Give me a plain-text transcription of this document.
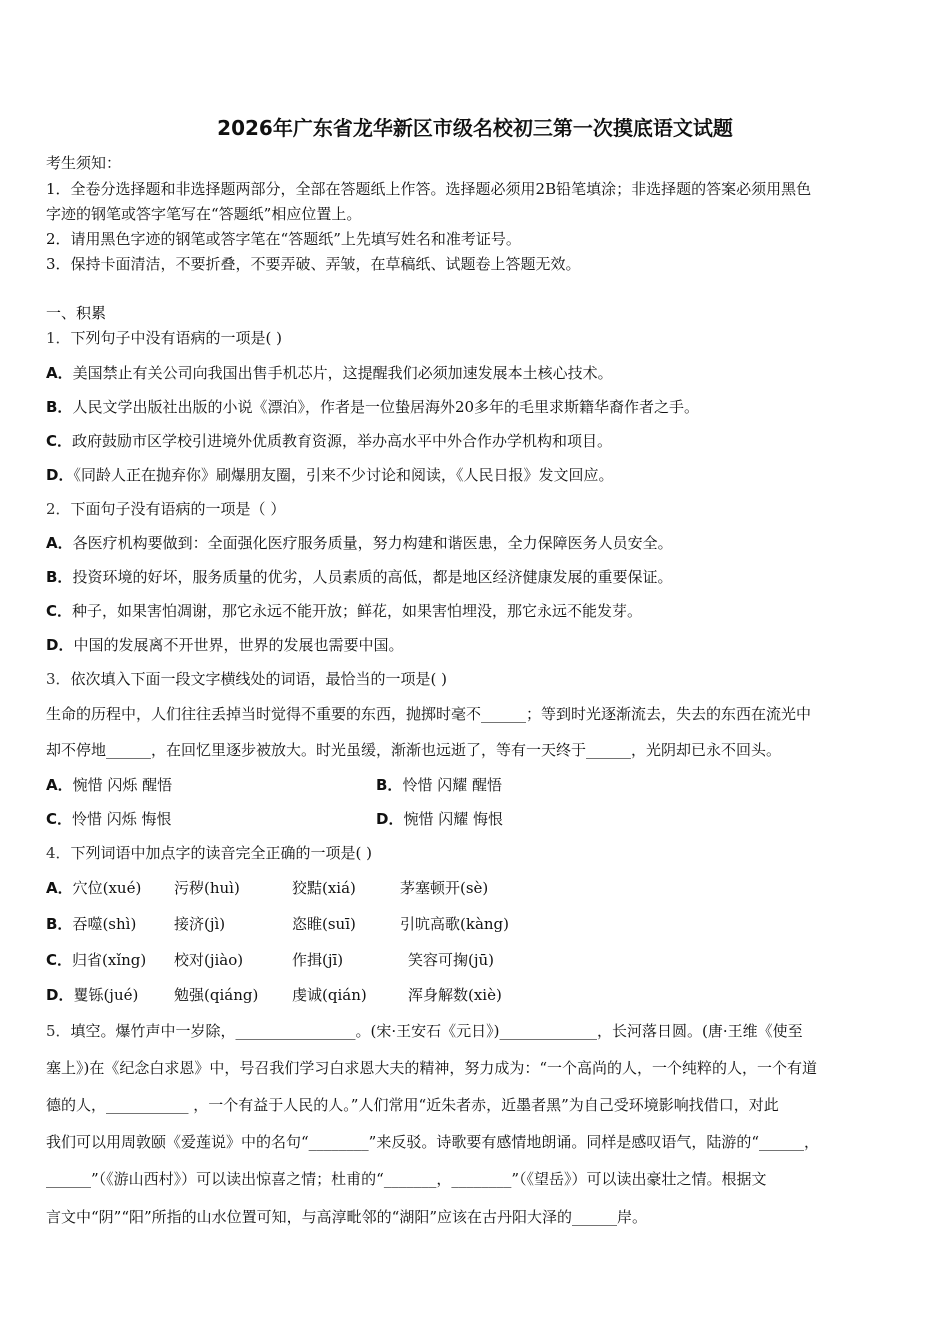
2026年广东省龙华新区市级名校初三第一次摸底语文试题
考生须知：
1．全卷分选择题和非选择题两部分，全部在答题纸上作答。选择题必须用2B铅笔填涂；非选择题的答案必须用黑色
字迹的钢笔或答字笔写在“答题纸”相应位置上。
2．请用黑色字迹的钢笔或答字笔在“答题纸”上先填写姓名和准考证号。
3．保持卡面清洁，不要折叠，不要弄破、弄皱，在草稿纸、试题卷上答题无效。
一、积累
1．下列句子中没有语病的一项是( )
A．美国禁止有关公司向我国出售手机芯片，这提醒我们必须加速发展本土核心技术。
B．人民文学出版社出版的小说《漂泊》，作者是一位蛰居海外20多年的毛里求斯籍华裔作者之手。
C．政府鼓励市区学校引进境外优质教育资源，举办高水平中外合作办学机构和项目。
D．《同龄人正在抛弃你》刷爆朋友圈，引来不少讨论和阅读，《人民日报》发文回应。
2．下面句子没有语病的一项是（ ）
A．各医疗机构要做到：全面强化医疗服务质量，努力构建和谐医患，全力保障医务人员安全。
B．投资环境的好坏，服务质量的优劣，人员素质的高低，都是地区经济健康发展的重要保证。
C．种子，如果害怕凋谢，那它永远不能开放；鲜花，如果害怕埋没，那它永远不能发芽。
D．中国的发展离不开世界，世界的发展也需要中国。
3．依次填入下面一段文字横线处的词语，最恰当的一项是( )
生命的历程中，人们往往丢掉当时觉得不重要的东西，抛掷时毫不______；等到时光逐渐流去，失去的东西在流光中
却不停地______，在回忆里逐步被放大。时光虽缓，渐渐也远逝了，等有一天终于______，光阴却已永不回头。
A．惋惜 闪烁 醒悟	B．怜惜 闪耀 醒悟
C．怜惜 闪烁 悔恨	D．惋惜 闪耀 悔恨
4．下列词语中加点字的读音完全正确的一项是( )
A．穴位(xué) 污秽(huì)	狡黠(xiá)	茅塞顿开(sè)
B．吞噬(shì)	接济(jì)	恣睢(suī)	引吭高歌(kàng)
C．归省(xǐng) 校对(jiào)	作揖(jī)	笑容可掬(jū)
D．矍铄(jué) 勉强(qiáng) 虔诚(qián)	浑身解数(xiè)
5．填空。爆竹声中一岁除，________________。(宋·王安石《元日》)_____________，长河落日圆。(唐·王维《使至
塞上》)在《纪念白求恩》中，号召我们学习白求恩大夫的精神，努力成为：“一个高尚的人，一个纯粹的人，一个有道
德的人，___________ ，一个有益于人民的人。”人们常用“近朱者赤，近墨者黑”为自己受环境影响找借口，对此
我们可以用周敦颐《爱莲说》中的名句“________”来反驳。诗歌要有感情地朗诵。同样是感叹语气，陆游的“______，
______”（《游山西村》）可以读出惊喜之情；杜甫的“_______，________”（《望岳》）可以读出豪壮之情。根据文
言文中“阴”“阳”所指的山水位置可知，与高淳毗邻的“湖阳”应该在古丹阳大泽的______岸。
